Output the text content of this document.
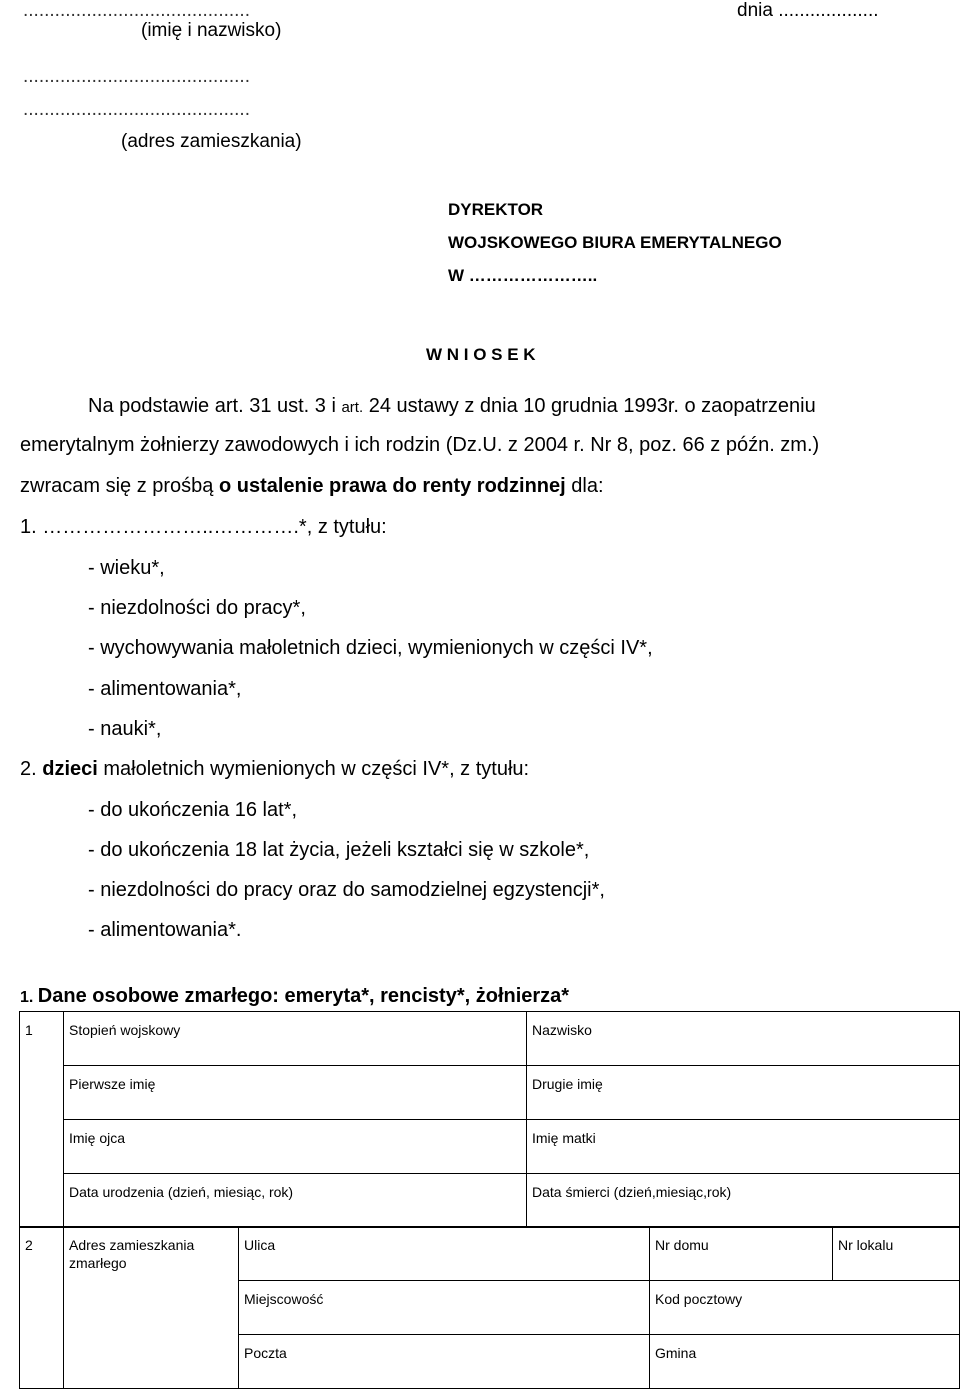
...........................................
(imię i nazwisko)
dnia ...................
...........................................
...........................................
(adres zamieszkania)
DYREKTOR
WOJSKOWEGO BIURA EMERYTALNEGO
W …………………..
W N I O S E K
Na podstawie art. 31 ust. 3 i art. 24 ustawy z dnia 10 grudnia 1993r. o zaopatrzeniu
emerytalnym żołnierzy zawodowych i ich rodzin (Dz.U. z 2004 r. Nr 8, poz. 66 z późn. zm.)
zwracam się z prośbą o ustalenie prawa do renty rodzinnej dla:
1. ……………………..………….*, z tytułu:
- wieku*,
- niezdolności do pracy*,
- wychowywania małoletnich dzieci, wymienionych w części IV*,
- alimentowania*,
- nauki*,
2. dzieci małoletnich wymienionych w części IV*, z tytułu:
- do ukończenia 16 lat*,
- do ukończenia 18 lat życia, jeżeli kształci się w szkole*,
- niezdolności do pracy oraz do samodzielnej egzystencji*,
- alimentowania*.
1. Dane osobowe zmarłego: emeryta*, rencisty*, żołnierza*
1	Stopień wojskowy	Nazwisko
	Pierwsze imię	Drugie imię
	Imię ojca	Imię matki
	Data urodzenia (dzień, miesiąc, rok)	Data śmierci (dzień,miesiąc,rok)
2	Adres zamieszkania zmarłego	Ulica	Nr domu	Nr lokalu
		Miejscowość	Kod pocztowy	
		Poczta	Gmina	
